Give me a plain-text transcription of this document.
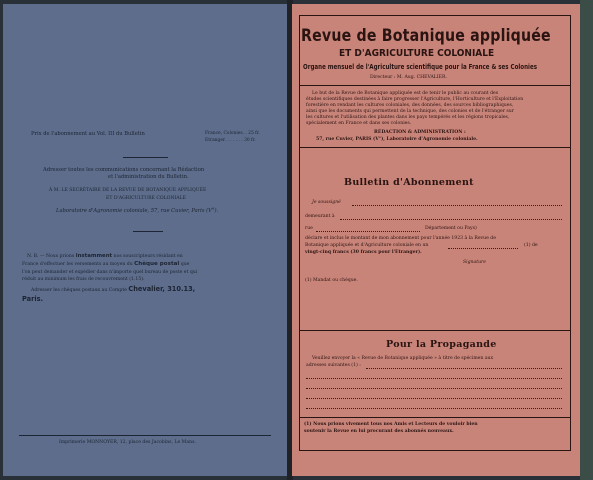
Prix de l'abonnement au Vol. III du Bulletin	France, Colonies. . 25 fr.
Etranger. . . . . . . 30 fr.
Adresser toutes les communications concernant la Rédaction
et l'administration du Bulletin.
À M. LE SECRÉTAIRE DE LA REVUE DE BOTANIQUE APPLIQUÉE
ET D'AGRICULTURE COLONIALE
Laboratoire d'Agronomie coloniale, 57, rue Cuvier, Paris (V°).
N. B. — Nous prions instamment nos souscripteurs résidant en
France d'effectuer les versements au moyen du Chèque postal que
l'on peut demander et expédier dans n'importe quel bureau de poste et qui
réduit au minimum les frais de recouvrement (1.15).
Adresser les chèques postaux au Compte Chevalier, 310.13,
Paris.
Imprimerie MONNOYER, 12, place des Jacobins, Le Mans.
Revue de Botanique appliquée
ET D'AGRICULTURE COLONIALE
Organe mensuel de l'Agriculture scientifique pour la France & ses Colonies
Directeur : M. Aug. CHEVALIER.
Le but de la Revue de Botanique appliquée est de tenir le public au courant des
études scientifiques destinées à faire progresser l'Agriculture, l'Horticulture et l'Exploitation
forestière en rendant les cultures coloniales, des données, des sources bibliographiques,
ainsi que les documents qui permettent de la technique, des colonies et de l'étranger sur
les cultures et l'utilisation des plantes dans les pays tempérés et les régions tropicales,
spécialement en France et dans ses colonies.
RÉDACTION & ADMINISTRATION :
57, rue Cuvier, PARIS (V°), Laboratoire d'Agronomie coloniale.
Bulletin d'Abonnement
Je soussigné
demeurant à
rue	Département ou Pays)
déclare et inclus le montant de mon abonnement pour l'année 1923 à la Revue de
Botanique appliquée et d'Agriculture coloniale en un	(1) de
vingt-cinq francs (30 francs pour l'Etranger).
Signature
(1) Mandat ou chèque.
Pour la Propagande
Veuillez envoyer la « Revue de Botanique appliquée » à titre de spécimen aux
adresses suivantes (1) :
(1) Nous prions vivement tous nos Amis et Lecteurs de vouloir bien
soutenir la Revue en lui procurant des abonnés nouveaux.
